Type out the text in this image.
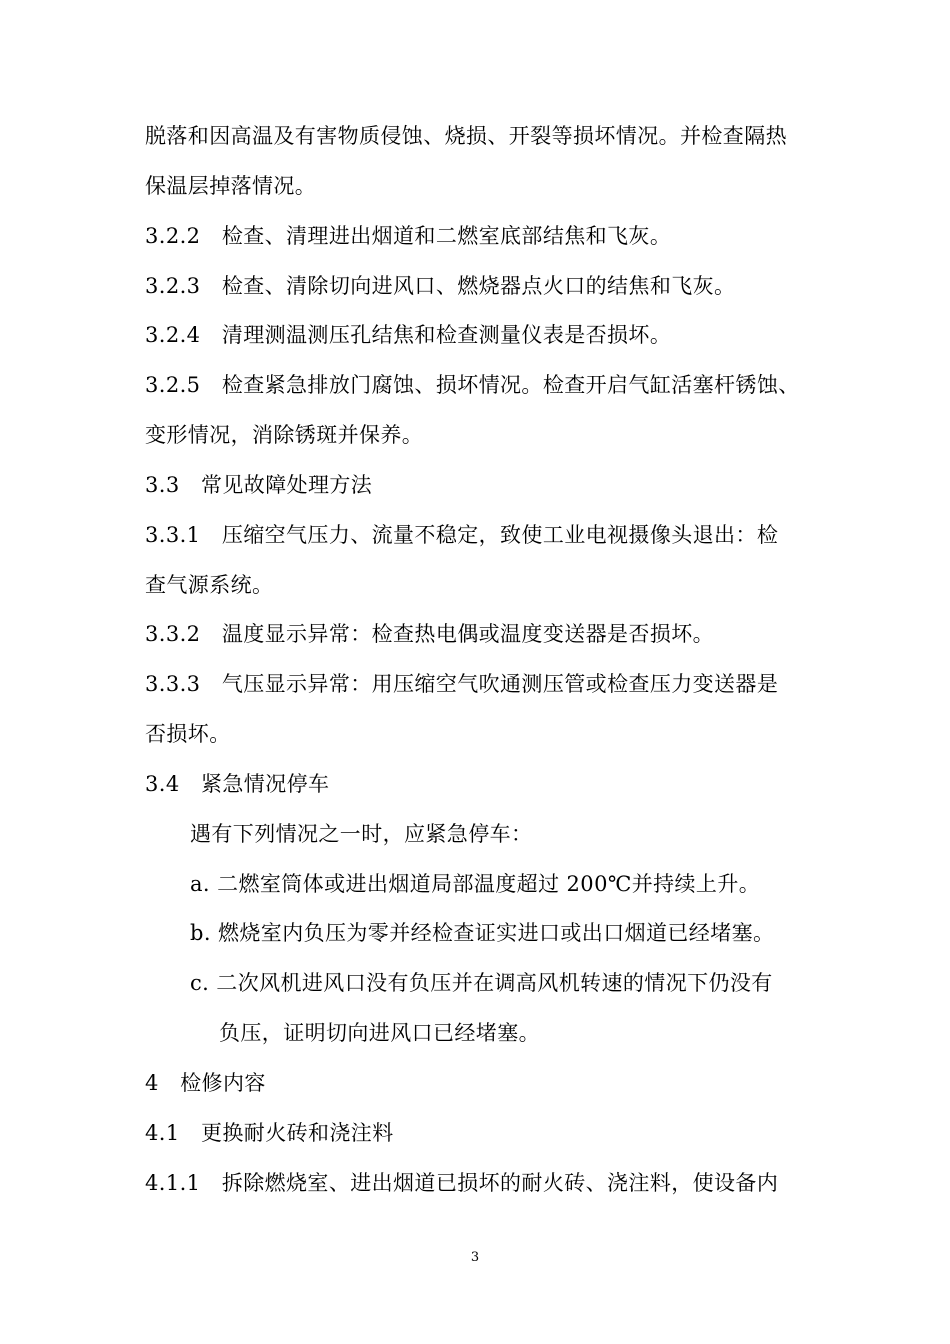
脱落和因高温及有害物质侵蚀、烧损、开裂等损坏情况。并检查隔热
保温层掉落情况。
3.2.2　检查、清理进出烟道和二燃室底部结焦和飞灰。
3.2.3　检查、清除切向进风口、燃烧器点火口的结焦和飞灰。
3.2.4　清理测温测压孔结焦和检查测量仪表是否损坏。
3.2.5　检查紧急排放门腐蚀、损坏情况。检查开启气缸活塞杆锈蚀、
变形情况，消除锈斑并保养。
3.3　常见故障处理方法
3.3.1　压缩空气压力、流量不稳定，致使工业电视摄像头退出：检
查气源系统。
3.3.2　温度显示异常：检查热电偶或温度变送器是否损坏。
3.3.3　气压显示异常：用压缩空气吹通测压管或检查压力变送器是
否损坏。
3.4　紧急情况停车
遇有下列情况之一时，应紧急停车：
a. 二燃室筒体或进出烟道局部温度超过 200℃并持续上升。
b. 燃烧室内负压为零并经检查证实进口或出口烟道已经堵塞。
c. 二次风机进风口没有负压并在调高风机转速的情况下仍没有
负压，证明切向进风口已经堵塞。
4　检修内容
4.1　更换耐火砖和浇注料
4.1.1　拆除燃烧室、进出烟道已损坏的耐火砖、浇注料，使设备内
3
